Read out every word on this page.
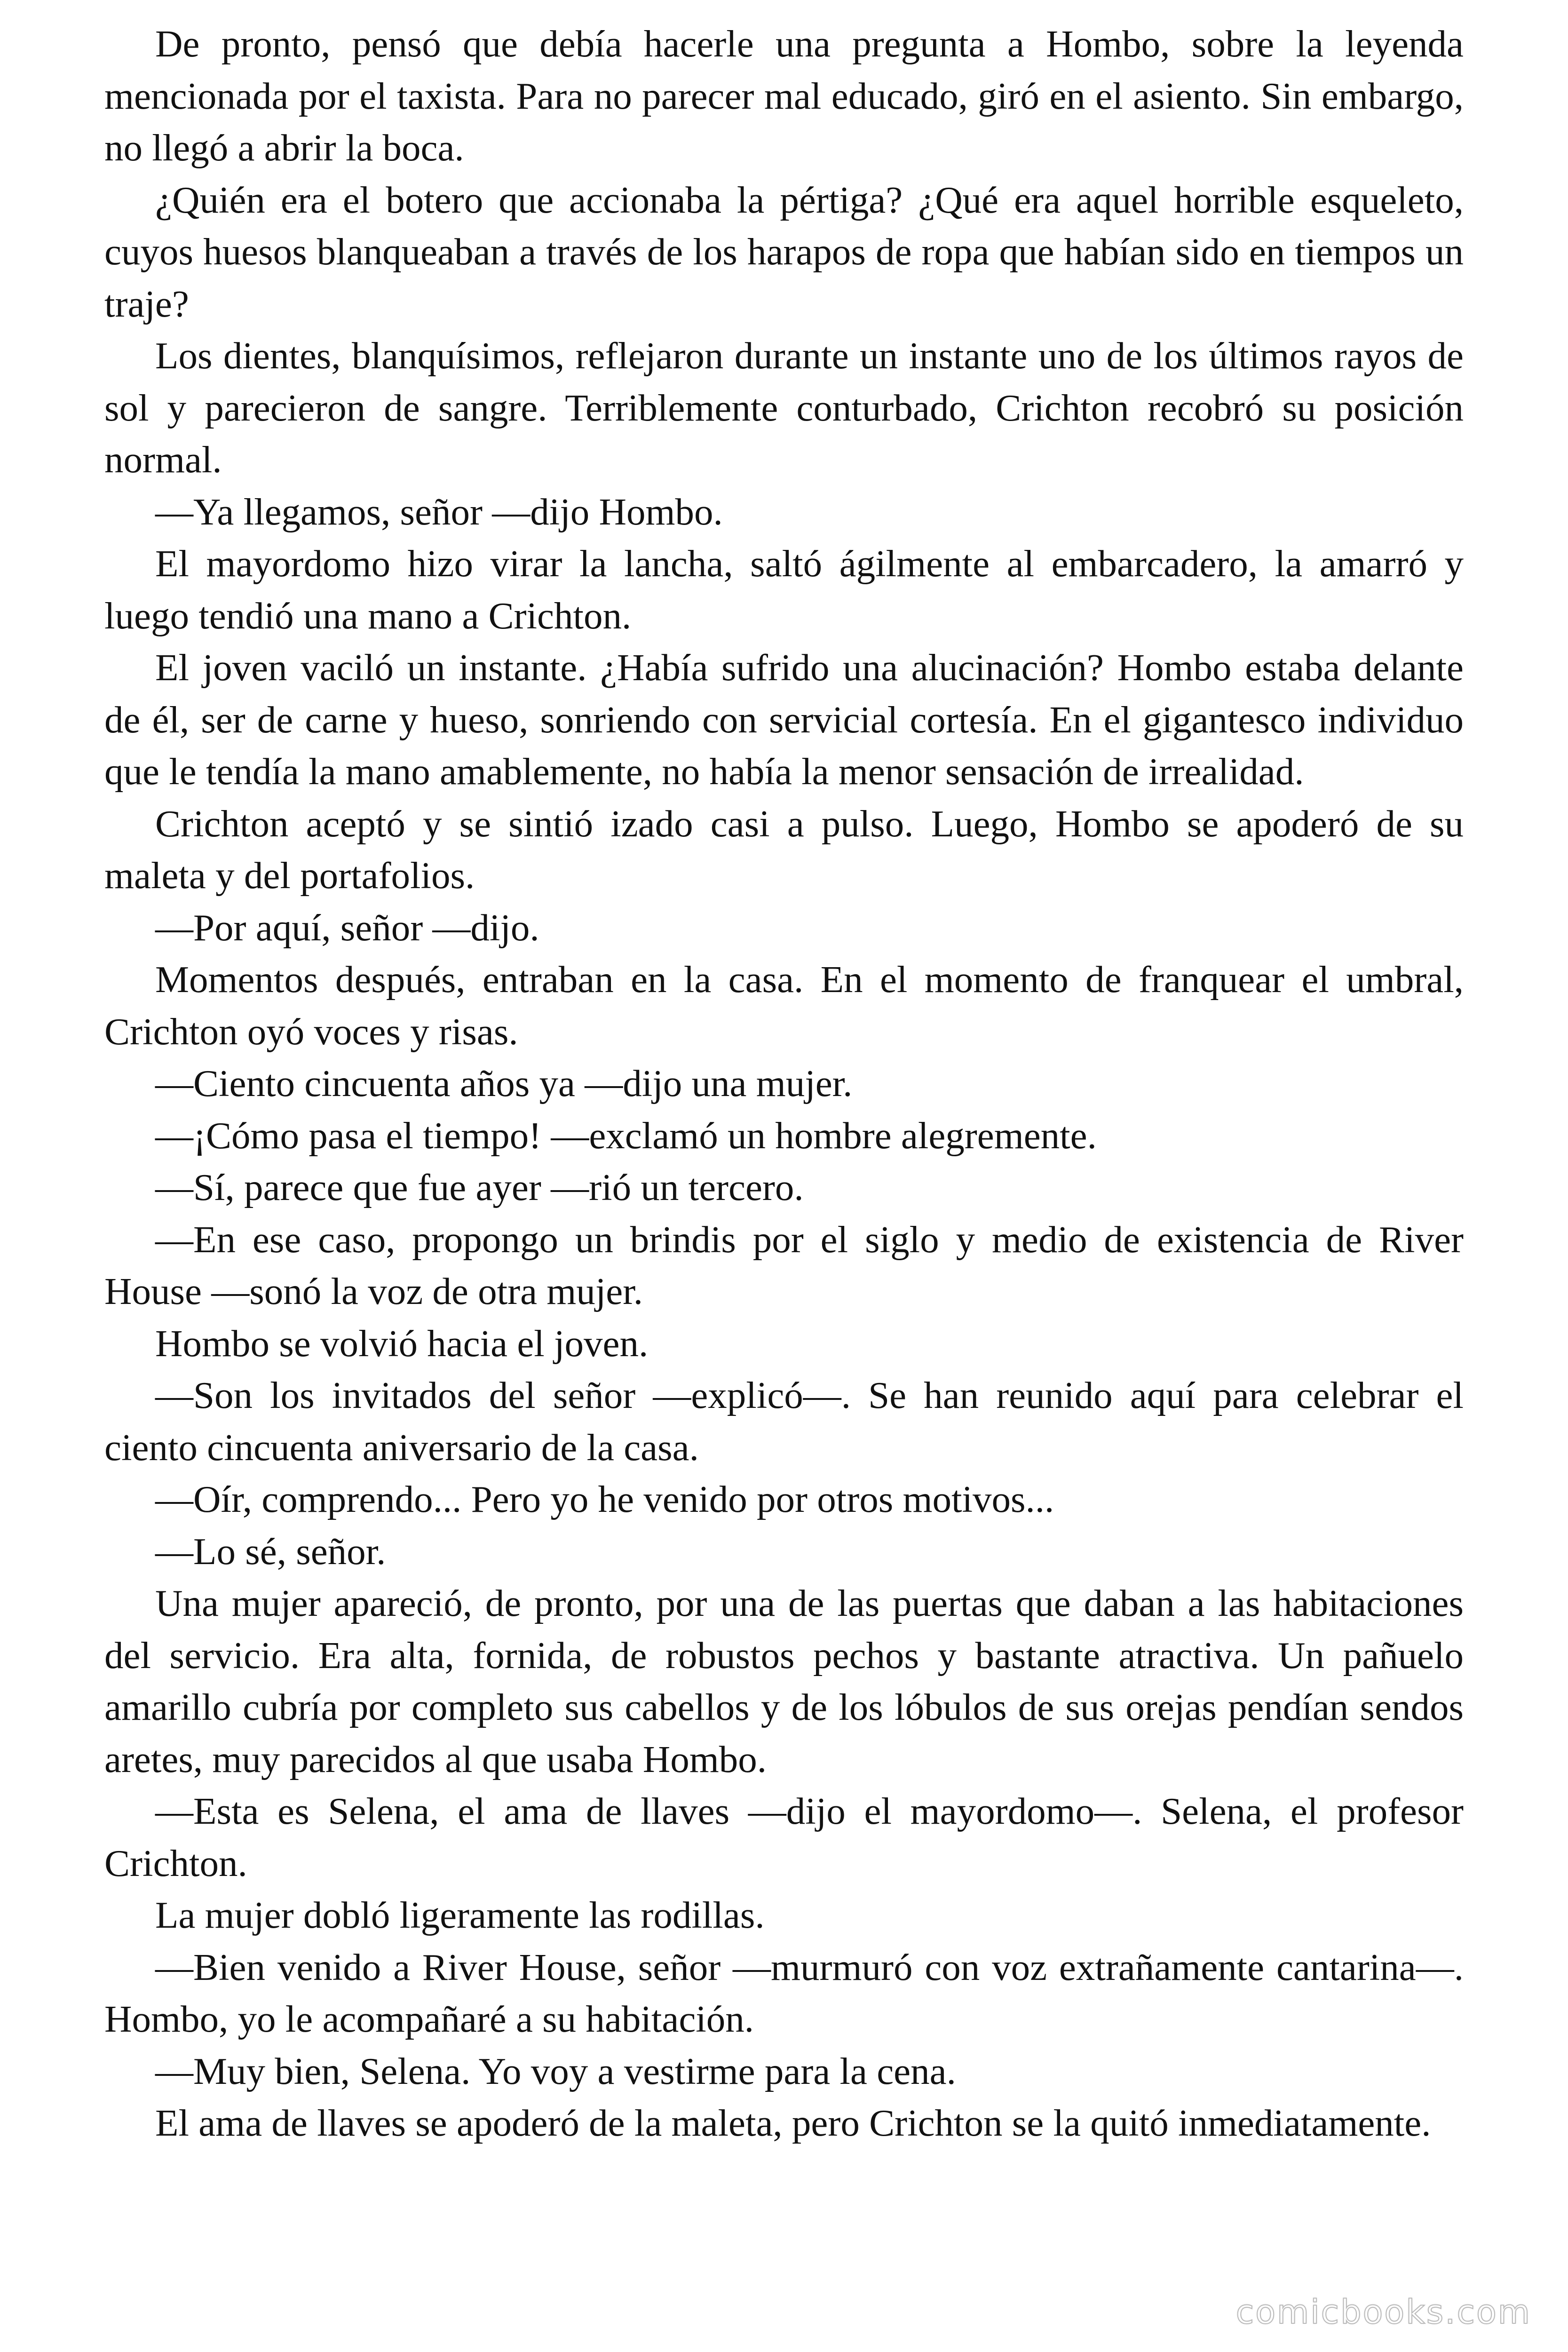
De pronto, pensó que debía hacerle una pregunta a Hombo, sobre la leyenda mencionada por el taxista. Para no parecer mal educado, giró en el asiento. Sin embargo, no llegó a abrir la boca.

¿Quién era el botero que accionaba la pértiga? ¿Qué era aquel horrible esqueleto, cuyos huesos blanqueaban a través de los harapos de ropa que habían sido en tiempos un traje?

Los dientes, blanquísimos, reflejaron durante un instante uno de los últimos rayos de sol y parecieron de sangre. Terriblemente conturbado, Crichton recobró su posición normal.

—Ya llegamos, señor —dijo Hombo.

El mayordomo hizo virar la lancha, saltó ágilmente al embarcadero, la amarró y luego tendió una mano a Crichton.

El joven vaciló un instante. ¿Había sufrido una alucinación? Hombo estaba delante de él, ser de carne y hueso, sonriendo con servicial cortesía. En el gigantesco individuo que le tendía la mano amablemente, no había la menor sensación de irrealidad.

Crichton aceptó y se sintió izado casi a pulso. Luego, Hombo se apoderó de su maleta y del portafolios.

—Por aquí, señor —dijo.

Momentos después, entraban en la casa. En el momento de franquear el umbral, Crichton oyó voces y risas.

—Ciento cincuenta años ya —dijo una mujer.

—¡Cómo pasa el tiempo! —exclamó un hombre alegremente.

—Sí, parece que fue ayer —rió un tercero.

—En ese caso, propongo un brindis por el siglo y medio de existencia de River House —sonó la voz de otra mujer.

Hombo se volvió hacia el joven.

—Son los invitados del señor —explicó—. Se han reunido aquí para celebrar el ciento cincuenta aniversario de la casa.

—Oír, comprendo... Pero yo he venido por otros motivos...

—Lo sé, señor.

Una mujer apareció, de pronto, por una de las puertas que daban a las habitaciones del servicio. Era alta, fornida, de robustos pechos y bastante atractiva. Un pañuelo amarillo cubría por completo sus cabellos y de los lóbulos de sus orejas pendían sendos aretes, muy parecidos al que usaba Hombo.

—Esta es Selena, el ama de llaves —dijo el mayordomo—. Selena, el profesor Crichton.

La mujer dobló ligeramente las rodillas.

—Bien venido a River House, señor —murmuró con voz extrañamente cantarina—. Hombo, yo le acompañaré a su habitación.

—Muy bien, Selena. Yo voy a vestirme para la cena.

El ama de llaves se apoderó de la maleta, pero Crichton se la quitó inmediatamente.

comicbooks.com
